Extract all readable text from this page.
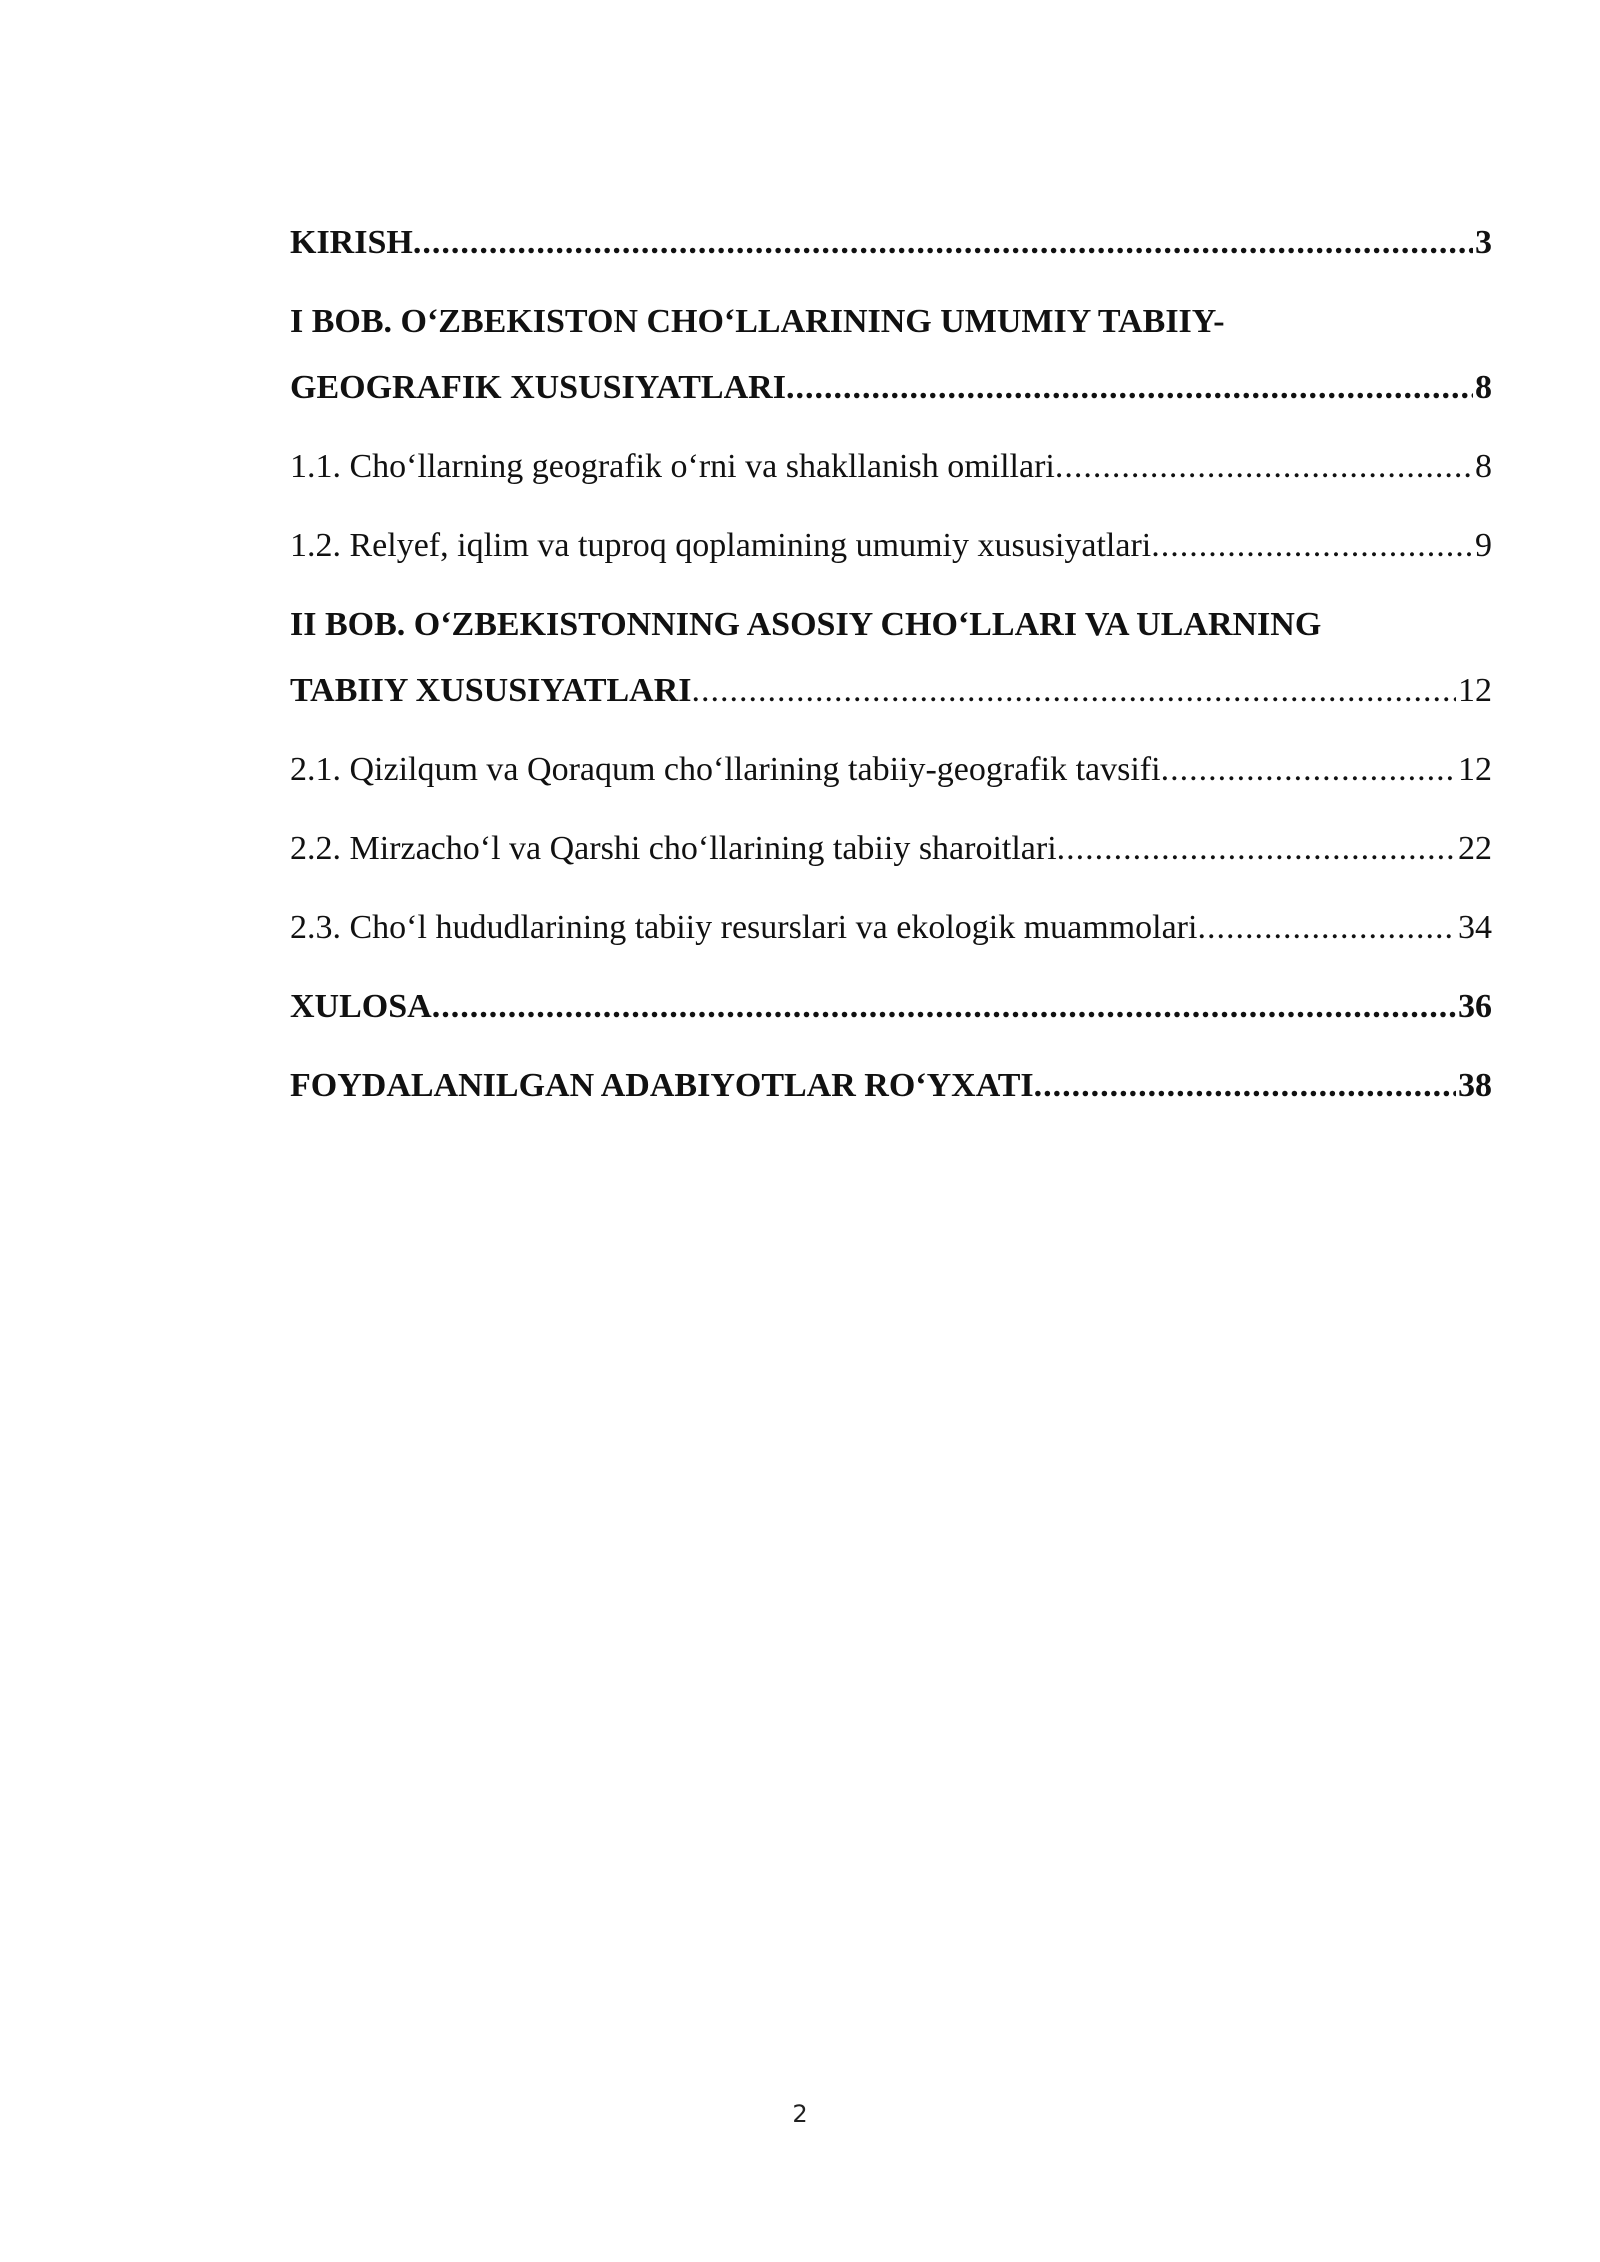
KIRISH .....	3
I BOB. O‘ZBEKISTON CHO‘LLARINING UMUMIY TABIIY-
GEOGRAFIK XUSUSIYATLARI .....	8
1.1. Cho‘llarning geografik o‘rni va shakllanish omillari .....	8
1.2. Relyef, iqlim va tuproq qoplamining umumiy xususiyatlari .....	9
II BOB. O‘ZBEKISTONNING ASOSIY CHO‘LLARI VA ULARNING
TABIIY XUSUSIYATLARI .....	12
2.1. Qizilqum va Qoraqum cho‘llarining tabiiy-geografik tavsifi .....	12
2.2. Mirzacho‘l va Qarshi cho‘llarining tabiiy sharoitlari .....	22
2.3. Cho‘l hududlarining tabiiy resurslari va ekologik muammolari .....	34
XULOSA .....	36
FOYDALANILGAN ADABIYOTLAR RO‘YXATI .....	38
2
